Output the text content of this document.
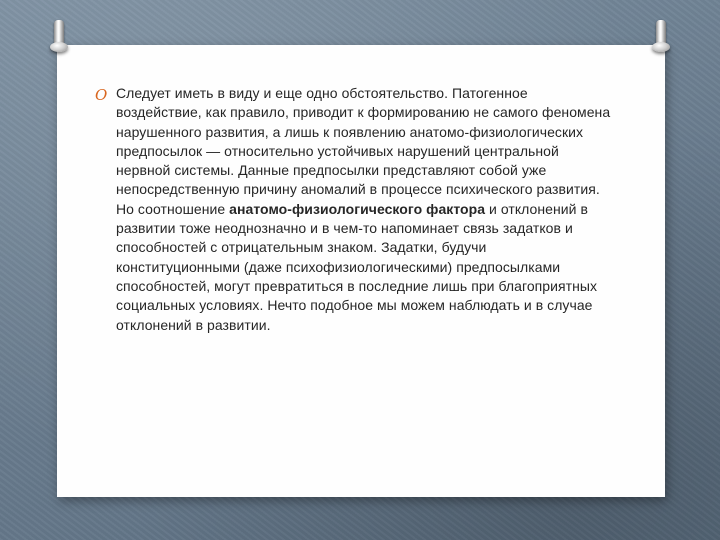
O Следует иметь в виду и еще одно обстоятельство. Патогенное воздействие, как правило, приводит к формированию не самого феномена нарушенного развития, а лишь к появлению анатомо-физиологических предпосылок — относительно устойчивых нарушений центральной нервной системы. Данные предпосылки представляют собой уже непосредственную причину аномалий в процессе психического развития. Но соотношение анатомо-физиологического фактора и отклонений в развитии тоже неоднозначно и в чем-то напоминает связь задатков и способностей с отрицательным знаком. Задатки, будучи конституционными (даже психофизиологическими) предпосылками способностей, могут превратиться в последние лишь при благоприятных социальных условиях. Нечто подобное мы можем наблюдать и в случае отклонений в развитии.
